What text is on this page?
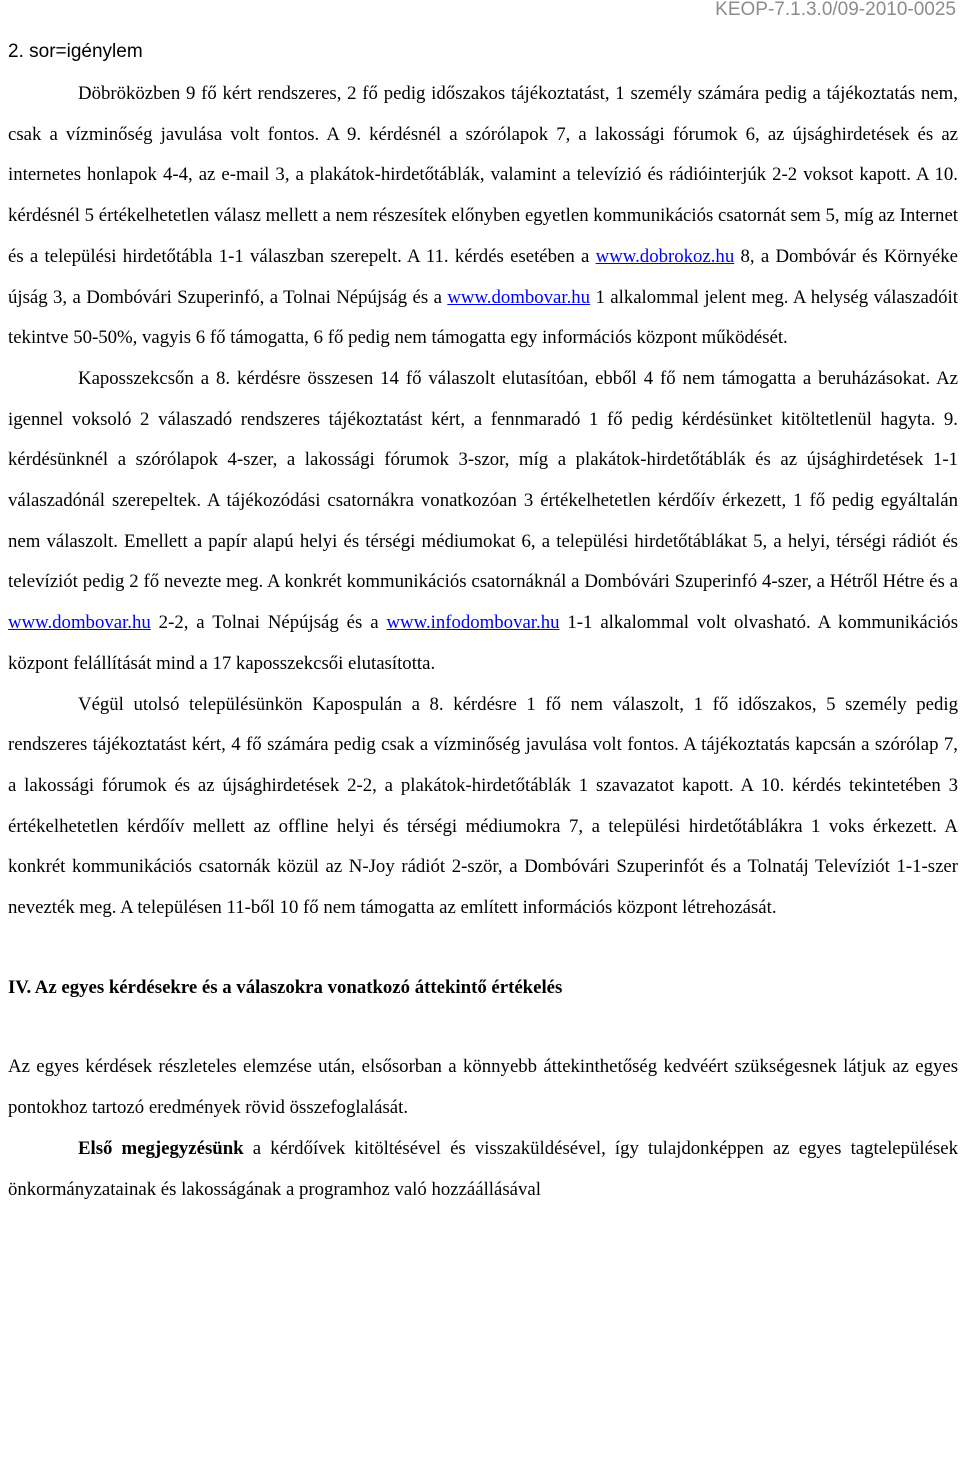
KEOP-7.1.3.0/09-2010-0025
2. sor=igénylem

Döbröközben 9 fő kért rendszeres, 2 fő pedig időszakos tájékoztatást, 1 személy számára pedig a tájékoztatás nem, csak a vízminőség javulása volt fontos. A 9. kérdésnél a szórólapok 7, a lakossági fórumok 6, az újsághirdetések és az internetes honlapok 4-4, az e-mail 3, a plakátok-hirdetőtáblák, valamint a televízió és rádióinterjúk 2-2 voksot kapott. A 10. kérdésnél 5 értékelhetetlen válasz mellett a nem részesítek előnyben egyetlen kommunikációs csatornát sem 5, míg az Internet és a települési hirdetőtábla 1-1 válaszban szerepelt. A 11. kérdés esetében a www.dobrokoz.hu 8, a Dombóvár és Környéke újság 3, a Dombóvári Szuperinfó, a Tolnai Népújság és a www.dombovar.hu 1 alkalommal jelent meg. A helység válaszadóit tekintve 50-50%, vagyis 6 fő támogatta, 6 fő pedig nem támogatta egy információs központ működését.

Kaposszekcsőn a 8. kérdésre összesen 14 fő válaszolt elutasítóan, ebből 4 fő nem támogatta a beruházásokat. Az igennel voksoló 2 válaszadó rendszeres tájékoztatást kért, a fennmaradó 1 fő pedig kérdésünket kitöltetlenül hagyta. 9. kérdésünknél a szórólapok 4-szer, a lakossági fórumok 3-szor, míg a plakátok-hirdetőtáblák és az újsághirdetések 1-1 válaszadónál szerepeltek. A tájékozódási csatornákra vonatkozóan 3 értékelhetetlen kérdőív érkezett, 1 fő pedig egyáltalán nem válaszolt. Emellett a papír alapú helyi és térségi médiumokat 6, a települési hirdetőtáblákat 5, a helyi, térségi rádiót és televíziót pedig 2 fő nevezte meg. A konkrét kommunikációs csatornáknál a Dombóvári Szuperinfó 4-szer, a Hétről Hétre és a www.dombovar.hu 2-2, a Tolnai Népújság és a www.infodombovar.hu 1-1 alkalommal volt olvasható. A kommunikációs központ felállítását mind a 17 kaposszekcsői elutasította.

Végül utolsó településünkön Kapospulán a 8. kérdésre 1 fő nem válaszolt, 1 fő időszakos, 5 személy pedig rendszeres tájékoztatást kért, 4 fő számára pedig csak a vízminőség javulása volt fontos. A tájékoztatás kapcsán a szórólap 7, a lakossági fórumok és az újsághirdetések 2-2, a plakátok-hirdetőtáblák 1 szavazatot kapott. A 10. kérdés tekintetében 3 értékelhetetlen kérdőív mellett az offline helyi és térségi médiumokra 7, a települési hirdetőtáblákra 1 voks érkezett. A konkrét kommunikációs csatornák közül az N-Joy rádiót 2-ször, a Dombóvári Szuperinfót és a Tolnatáj Televíziót 1-1-szer nevezték meg. A településen 11-ből 10 fő nem támogatta az említett információs központ létrehozását.

IV. Az egyes kérdésekre és a válaszokra vonatkozó áttekintő értékelés

Az egyes kérdések részleteles elemzése után, elsősorban a könnyebb áttekinthetőség kedvéért szükségesnek látjuk az egyes pontokhoz tartozó eredmények rövid összefoglalását.

Első megjegyzésünk a kérdőívek kitöltésével és visszaküldésével, így tulajdonképpen az egyes tagtelepülések önkormányzatainak és lakosságának a programhoz való hozzáállásával
